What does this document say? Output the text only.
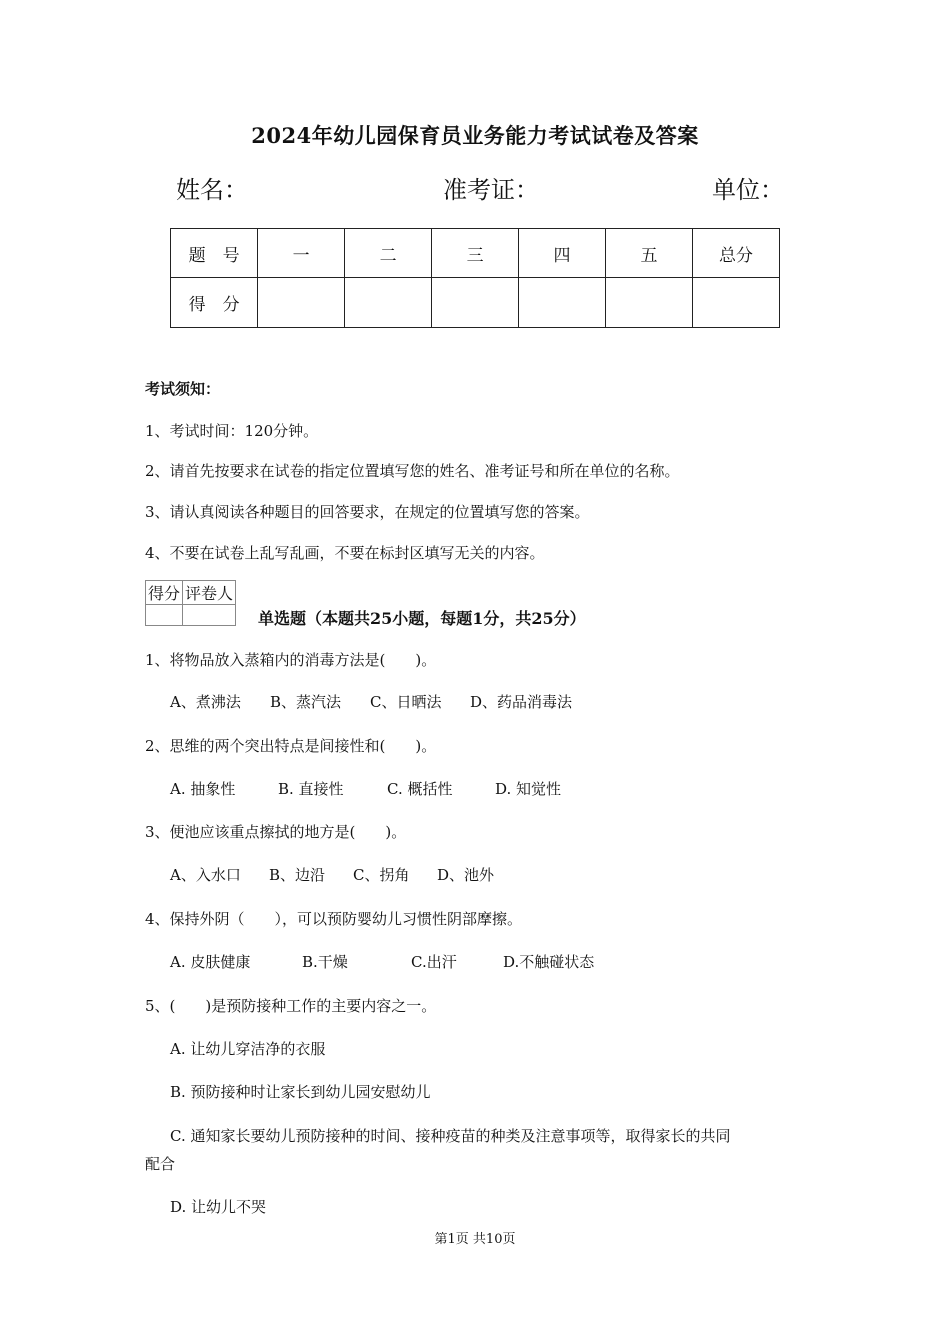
2024年幼儿园保育员业务能力考试试卷及答案
姓名：	准考证：	单位：
题　号	一	二	三	四	五	总分
得　分						
考试须知：
1、考试时间：120分钟。
2、请首先按要求在试卷的指定位置填写您的姓名、准考证号和所在单位的名称。
3、请认真阅读各种题目的回答要求，在规定的位置填写您的答案。
4、不要在试卷上乱写乱画，不要在标封区填写无关的内容。
得分	评卷人

单选题（本题共25小题，每题1分，共25分）
1、将物品放入蒸箱内的消毒方法是(　　)。
A、煮沸法 B、蒸汽法 C、日晒法 D、药品消毒法
2、思维的两个突出特点是间接性和(　　)。
A. 抽象性	B. 直接性	C. 概括性	D. 知觉性
3、便池应该重点擦拭的地方是(　　)。
A、入水口 B、边沿 C、拐角 D、池外
4、保持外阴（　　），可以预防婴幼儿习惯性阴部摩擦。
A. 皮肤健康	B.干燥	C.出汗	D.不触碰状态
5、(　　)是预防接种工作的主要内容之一。
A. 让幼儿穿洁净的衣服
B. 预防接种时让家长到幼儿园安慰幼儿
C. 通知家长要幼儿预防接种的时间、接种疫苗的种类及注意事项等，取得家长的共同
配合
D. 让幼儿不哭
第1页 共10页
